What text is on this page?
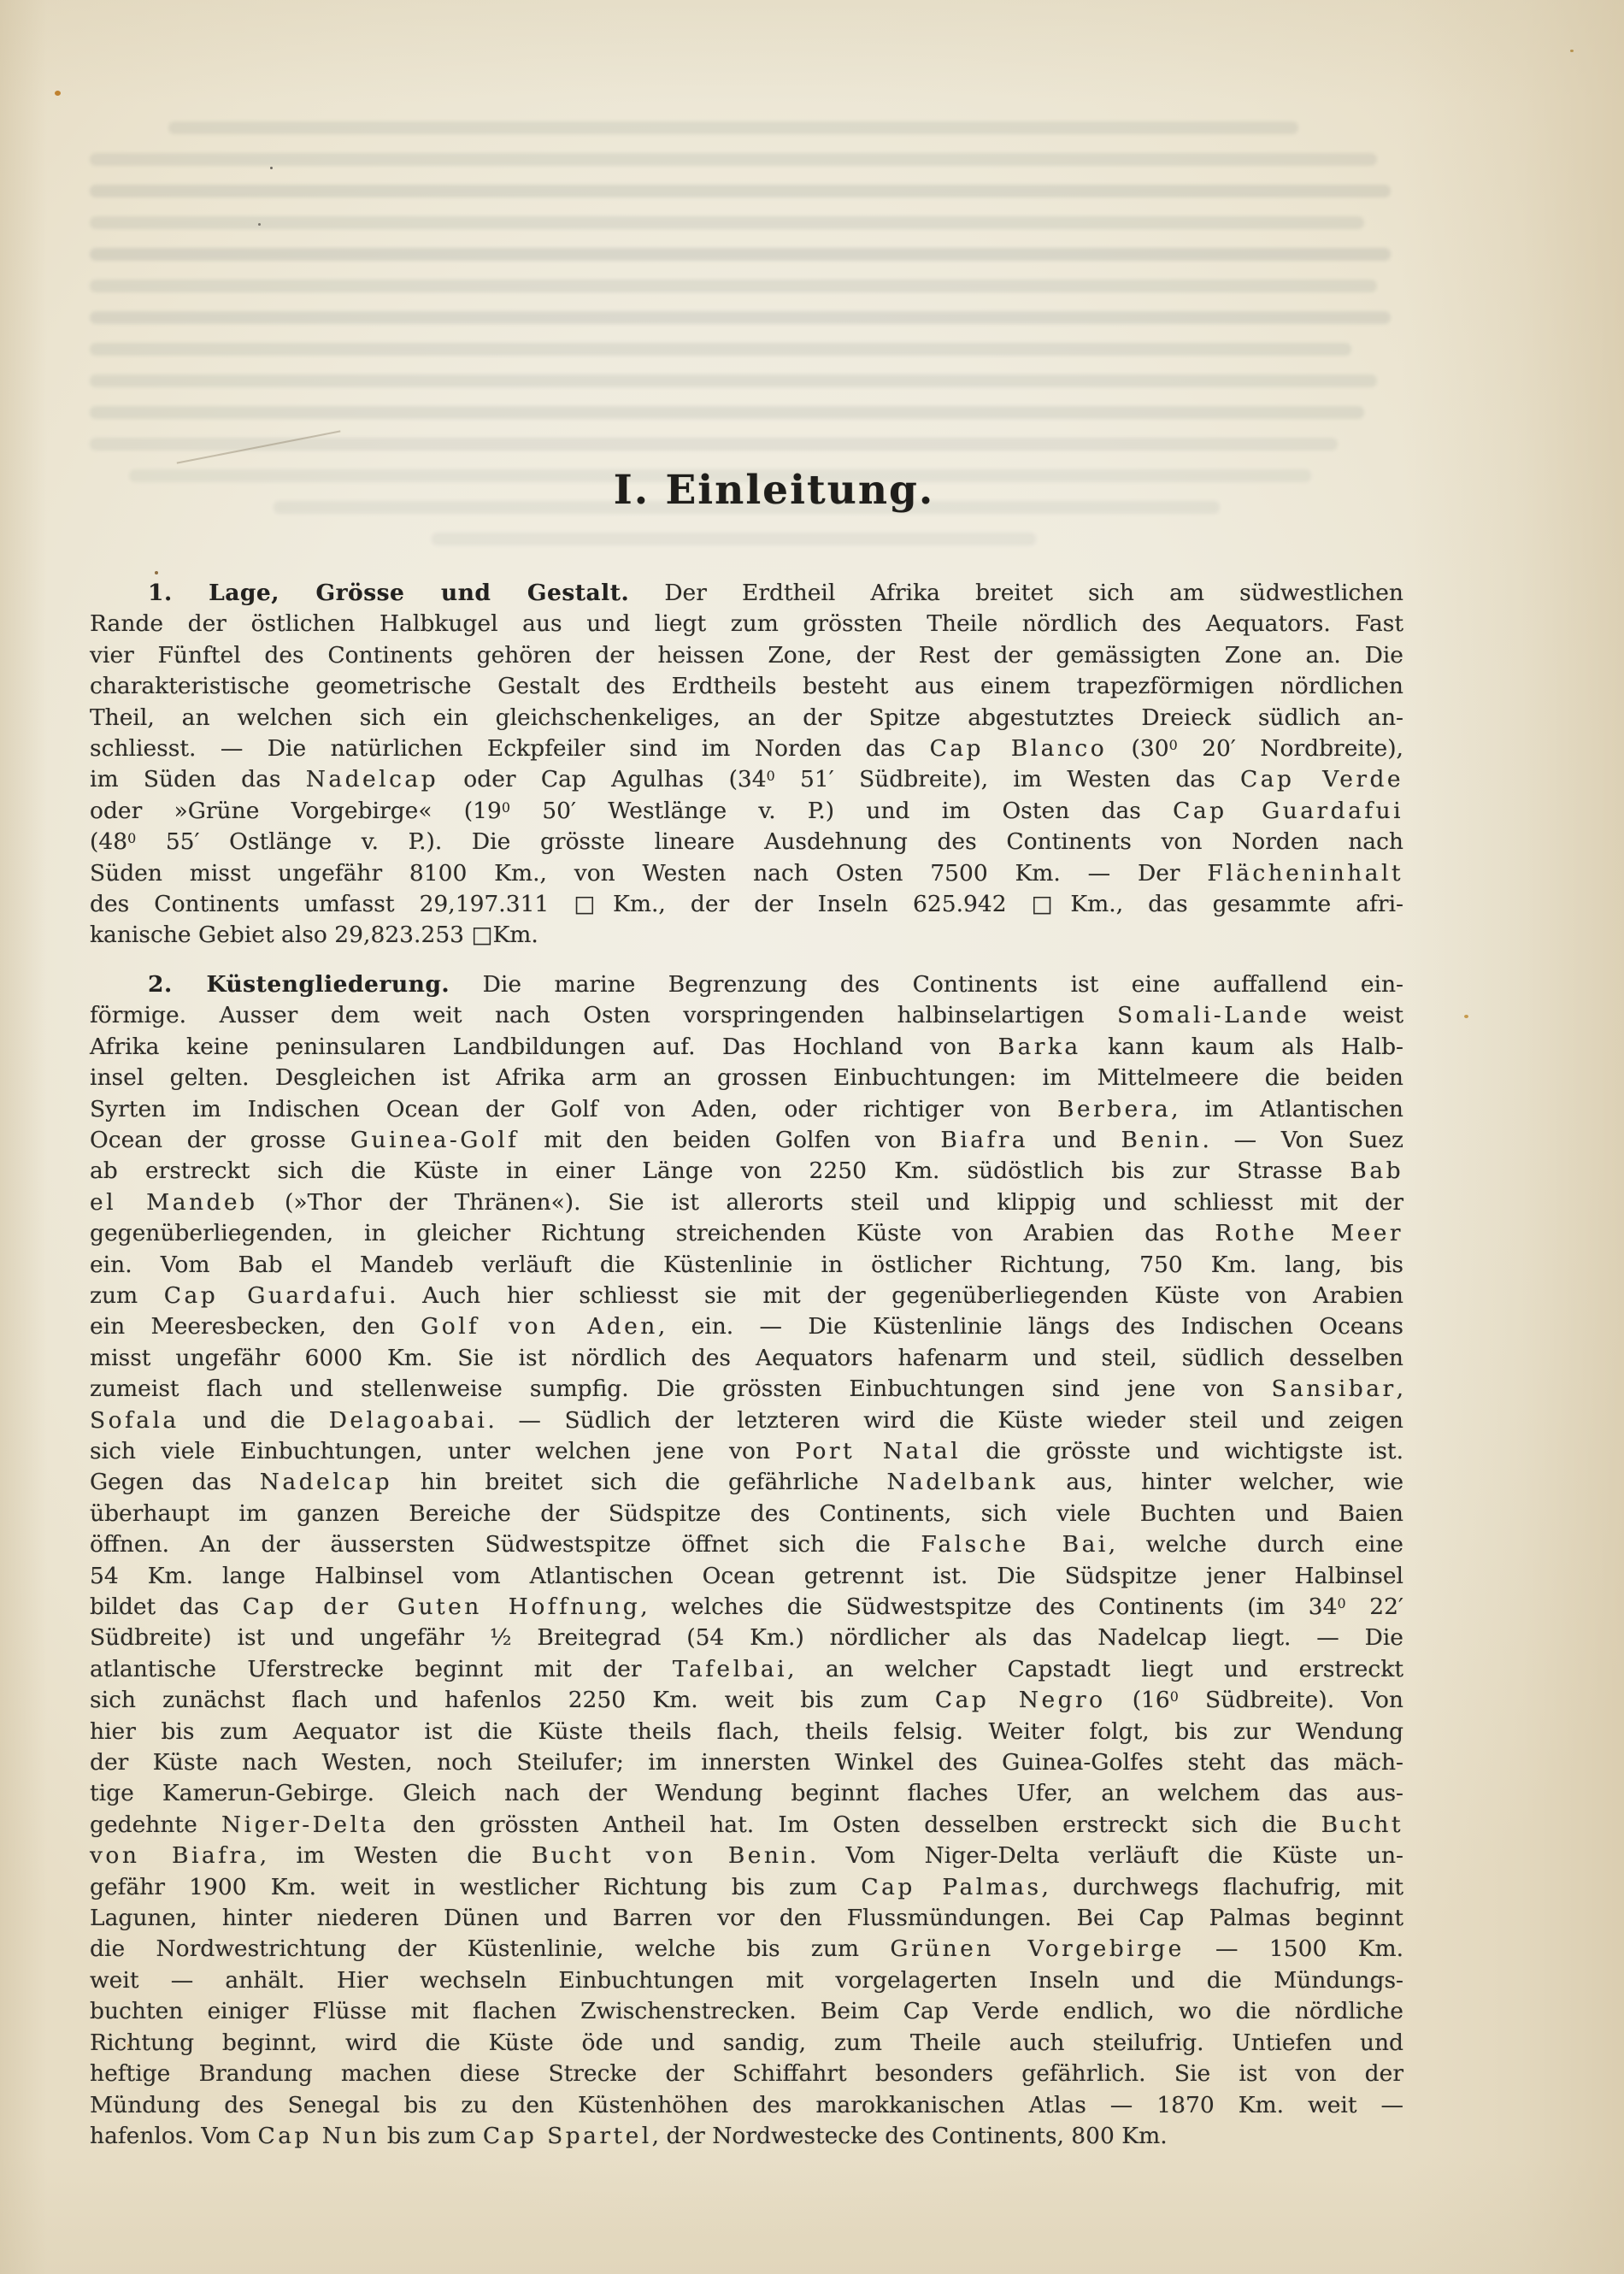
I. Einleitung.
1. Lage, Grösse und Gestalt. Der Erdtheil Afrika breitet sich am südwestlichen
Rande der östlichen Halbkugel aus und liegt zum grössten Theile nördlich des Aequators. Fast
vier Fünftel des Continents gehören der heissen Zone, der Rest der gemässigten Zone an. Die
charakteristische geometrische Gestalt des Erdtheils besteht aus einem trapezförmigen nördlichen
Theil, an welchen sich ein gleichschenkeliges, an der Spitze abgestutztes Dreieck südlich an-
schliesst. — Die natürlichen Eckpfeiler sind im Norden das Cap Blanco ($30^0$ 20′ Nordbreite),
im Süden das Nadelcap oder Cap Agulhas ($34^0$ 51′ Südbreite), im Westen das Cap Verde
oder »Grüne Vorgebirge« ($19^0$ 50′ Westlänge v. P.) und im Osten das Cap Guardafui
($48^0$ 55′ Ostlänge v. P.). Die grösste lineare Ausdehnung des Continents von Norden nach
Süden misst ungefähr 8100 Km., von Westen nach Osten 7500 Km. — Der Flächeninhalt
des Continents umfasst 29,197.311 □Km., der der Inseln 625.942 □Km., das gesammte afri-
kanische Gebiet also 29,823.253 □Km.
2. Küstengliederung. Die marine Begrenzung des Continents ist eine auffallend ein-
förmige. Ausser dem weit nach Osten vorspringenden halbinselartigen Somali-Lande weist
Afrika keine peninsularen Landbildungen auf. Das Hochland von Barka kann kaum als Halb-
insel gelten. Desgleichen ist Afrika arm an grossen Einbuchtungen: im Mittelmeere die beiden
Syrten im Indischen Ocean der Golf von Aden, oder richtiger von Berbera, im Atlantischen
Ocean der grosse Guinea-Golf mit den beiden Golfen von Biafra und Benin. — Von Suez
ab erstreckt sich die Küste in einer Länge von 2250 Km. südöstlich bis zur Strasse Bab
el Mandeb (»Thor der Thränen«). Sie ist allerorts steil und klippig und schliesst mit der
gegenüberliegenden, in gleicher Richtung streichenden Küste von Arabien das Rothe Meer
ein. Vom Bab el Mandeb verläuft die Küstenlinie in östlicher Richtung, 750 Km. lang, bis
zum Cap Guardafui. Auch hier schliesst sie mit der gegenüberliegenden Küste von Arabien
ein Meeresbecken, den Golf von Aden, ein. — Die Küstenlinie längs des Indischen Oceans
misst ungefähr 6000 Km. Sie ist nördlich des Aequators hafenarm und steil, südlich desselben
zumeist flach und stellenweise sumpfig. Die grössten Einbuchtungen sind jene von Sansibar,
Sofala und die Delagoabai. — Südlich der letzteren wird die Küste wieder steil und zeigen
sich viele Einbuchtungen, unter welchen jene von Port Natal die grösste und wichtigste ist.
Gegen das Nadelcap hin breitet sich die gefährliche Nadelbank aus, hinter welcher, wie
überhaupt im ganzen Bereiche der Südspitze des Continents, sich viele Buchten und Baien
öffnen. An der äussersten Südwestspitze öffnet sich die Falsche Bai, welche durch eine
54 Km. lange Halbinsel vom Atlantischen Ocean getrennt ist. Die Südspitze jener Halbinsel
bildet das Cap der Guten Hoffnung, welches die Südwestspitze des Continents (im $34^0$ 22′
Südbreite) ist und ungefähr ½ Breitegrad (54 Km.) nördlicher als das Nadelcap liegt. — Die
atlantische Uferstrecke beginnt mit der Tafelbai, an welcher Capstadt liegt und erstreckt
sich zunächst flach und hafenlos 2250 Km. weit bis zum Cap Negro ($16^0$ Südbreite). Von
hier bis zum Aequator ist die Küste theils flach, theils felsig. Weiter folgt, bis zur Wendung
der Küste nach Westen, noch Steilufer; im innersten Winkel des Guinea-Golfes steht das mäch-
tige Kamerun-Gebirge. Gleich nach der Wendung beginnt flaches Ufer, an welchem das aus-
gedehnte Niger-Delta den grössten Antheil hat. Im Osten desselben erstreckt sich die Bucht
von Biafra, im Westen die Bucht von Benin. Vom Niger-Delta verläuft die Küste un-
gefähr 1900 Km. weit in westlicher Richtung bis zum Cap Palmas, durchwegs flachufrig, mit
Lagunen, hinter niederen Dünen und Barren vor den Flussmündungen. Bei Cap Palmas beginnt
die Nordwestrichtung der Küstenlinie, welche bis zum Grünen Vorgebirge — 1500 Km.
weit — anhält. Hier wechseln Einbuchtungen mit vorgelagerten Inseln und die Mündungs-
buchten einiger Flüsse mit flachen Zwischenstrecken. Beim Cap Verde endlich, wo die nördliche
Richtung beginnt, wird die Küste öde und sandig, zum Theile auch steilufrig. Untiefen und
heftige Brandung machen diese Strecke der Schiffahrt besonders gefährlich. Sie ist von der
Mündung des Senegal bis zu den Küstenhöhen des marokkanischen Atlas — 1870 Km. weit —
hafenlos. Vom Cap Nun bis zum Cap Spartel, der Nordwestecke des Continents, 800 Km.
